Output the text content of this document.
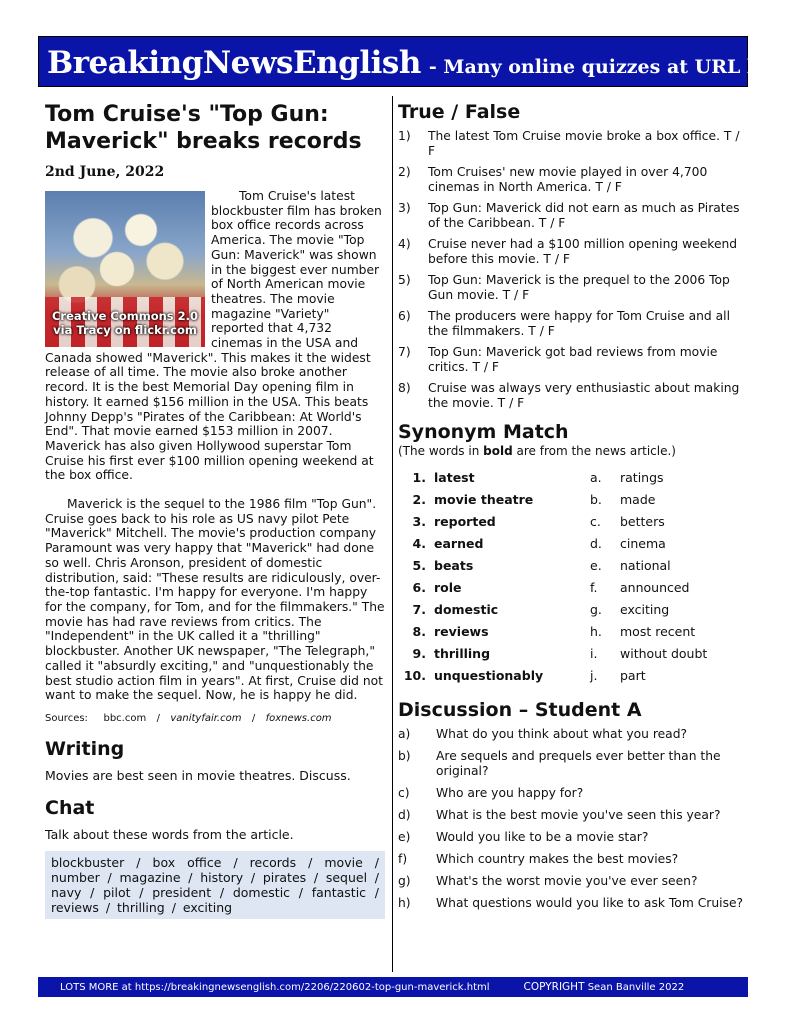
BreakingNewsEnglish - Many online quizzes at URL below
Tom Cruise's "Top Gun: Maverick" breaks records
2nd June, 2022
Creative Commons 2.0
via Tracy on flickr.com

Tom Cruise's latest blockbuster film has broken box office records across America. The movie "Top Gun: Maverick" was shown in the biggest ever number of North American movie theatres. The movie magazine "Variety" reported that 4,732 cinemas in the USA and Canada showed "Maverick". This makes it the widest release of all time. The movie also broke another record. It is the best Memorial Day opening film in history. It earned $156 million in the USA. This beats Johnny Depp's "Pirates of the Caribbean: At World's End". That movie earned $153 million in 2007. Maverick has also given Hollywood superstar Tom Cruise his first ever $100 million opening weekend at the box office.

Maverick is the sequel to the 1986 film "Top Gun". Cruise goes back to his role as US navy pilot Pete "Maverick" Mitchell. The movie's production company Paramount was very happy that "Maverick" had done so well. Chris Aronson, president of domestic distribution, said: "These results are ridiculously, over-the-top fantastic. I'm happy for everyone. I'm happy for the company, for Tom, and for the filmmakers." The movie has had rave reviews from critics. The "Independent" in the UK called it a "thrilling" blockbuster. Another UK newspaper, "The Telegraph," called it "absurdly exciting," and "unquestionably the best studio action film in years". At first, Cruise did not want to make the sequel. Now, he is happy he did.

Sources: bbc.com / vanityfair.com / foxnews.com
Writing
Movies are best seen in movie theatres. Discuss.
Chat
Talk about these words from the article.
blockbuster / box office / records / movie / number / magazine / history / pirates / sequel / navy / pilot / president / domestic / fantastic / reviews / thrilling / exciting
True / False
1)	The latest Tom Cruise movie broke a box office. T / F
2)	Tom Cruises' new movie played in over 4,700 cinemas in North America. T / F
3)	Top Gun: Maverick did not earn as much as Pirates of the Caribbean. T / F
4)	Cruise never had a $100 million opening weekend before this movie. T / F
5)	Top Gun: Maverick is the prequel to the 2006 Top Gun movie. T / F
6)	The producers were happy for Tom Cruise and all the filmmakers. T / F
7)	Top Gun: Maverick got bad reviews from movie critics. T / F
8)	Cruise was always very enthusiastic about making the movie. T / F
Synonym Match
(The words in bold are from the news article.)
1. latest	a.	ratings
2. movie theatre	b.	made
3. reported	c.	betters
4. earned	d.	cinema
5. beats	e.	national
6. role	f.	announced
7. domestic	g.	exciting
8. reviews	h.	most recent
9. thrilling	i.	without doubt
10. unquestionably	j.	part
Discussion – Student A
a)	What do you think about what you read?
b)	Are sequels and prequels ever better than the original?
c)	Who are you happy for?
d)	What is the best movie you've seen this year?
e)	Would you like to be a movie star?
f)	Which country makes the best movies?
g)	What's the worst movie you've ever seen?
h)	What questions would you like to ask Tom Cruise?
LOTS MORE at https://breakingnewsenglish.com/2206/220602-top-gun-maverick.html	COPYRIGHT Sean Banville 2022
